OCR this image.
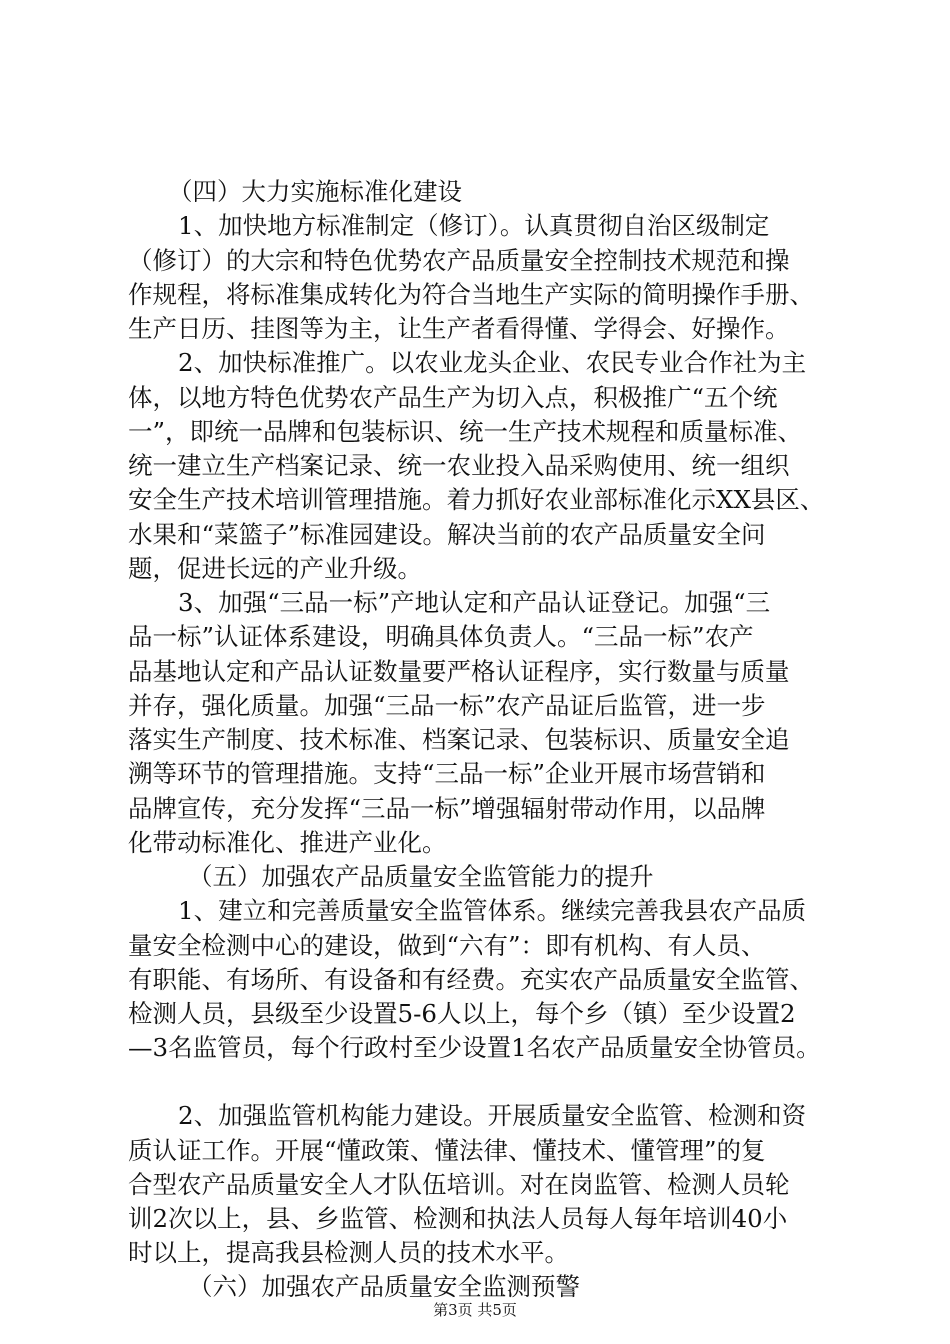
（四）大力实施标准化建设
1、加快地方标准制定（修订）。认真贯彻自治区级制定
（修订）的大宗和特色优势农产品质量安全控制技术规范和操
作规程，将标准集成转化为符合当地生产实际的简明操作手册、
生产日历、挂图等为主，让生产者看得懂、学得会、好操作。
2、加快标准推广。以农业龙头企业、农民专业合作社为主
体，以地方特色优势农产品生产为切入点，积极推广“五个统
一”，即统一品牌和包装标识、统一生产技术规程和质量标准、
统一建立生产档案记录、统一农业投入品采购使用、统一组织
安全生产技术培训管理措施。着力抓好农业部标准化示XX县区、
水果和“菜篮子”标准园建设。解决当前的农产品质量安全问
题，促进长远的产业升级。
3、加强“三品一标”产地认定和产品认证登记。加强“三
品一标”认证体系建设，明确具体负责人。“三品一标”农产
品基地认定和产品认证数量要严格认证程序，实行数量与质量
并存，强化质量。加强“三品一标”农产品证后监管，进一步
落实生产制度、技术标准、档案记录、包装标识、质量安全追
溯等环节的管理措施。支持“三品一标”企业开展市场营销和
品牌宣传，充分发挥“三品一标”增强辐射带动作用，以品牌
化带动标准化、推进产业化。
（五）加强农产品质量安全监管能力的提升
1、建立和完善质量安全监管体系。继续完善我县农产品质
量安全检测中心的建设，做到“六有”：即有机构、有人员、
有职能、有场所、有设备和有经费。充实农产品质量安全监管、
检测人员，县级至少设置5-6人以上，每个乡（镇）至少设置2
—3名监管员，每个行政村至少设置1名农产品质量安全协管员。
2、加强监管机构能力建设。开展质量安全监管、检测和资
质认证工作。开展“懂政策、懂法律、懂技术、懂管理”的复
合型农产品质量安全人才队伍培训。对在岗监管、检测人员轮
训2次以上，县、乡监管、检测和执法人员每人每年培训40小
时以上，提高我县检测人员的技术水平。
（六）加强农产品质量安全监测预警
第3页 共5页
